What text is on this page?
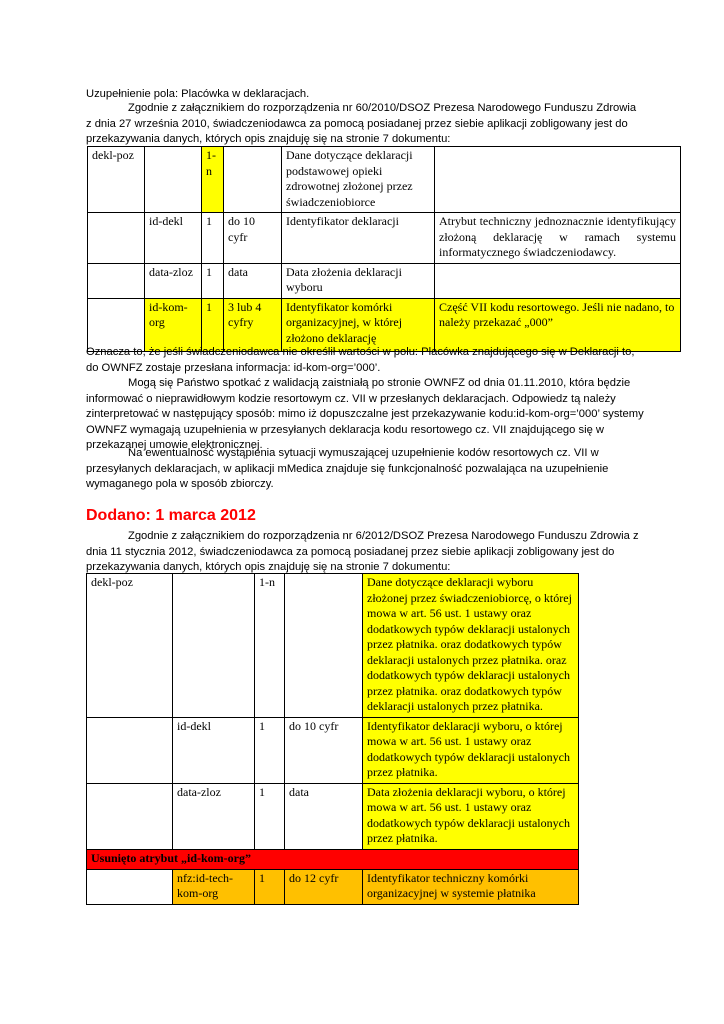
Uzupełnienie pola: Placówka w deklaracjach.

Zgodnie z załącznikiem do rozporządzenia nr 60/2010/DSOZ Prezesa Narodowego Funduszu Zdrowia z dnia 27 września 2010, świadczeniodawca za pomocą posiadanej przez siebie aplikacji zobligowany jest do przekazywania danych, których opis znajduję się na stronie 7 dokumentu:

dekl-poz		1-n		Dane dotyczące deklaracji podstawowej opieki zdrowotnej złożonej przez świadczeniobiorce	
	id-dekl	1	do 10 cyfr	Identyfikator deklaracji	Atrybut techniczny jednoznacznie identyfikujący złożoną deklarację w ramach systemu informatycznego świadczeniodawcy.
	data-zloz	1	data	Data złożenia deklaracji wyboru	
	id-kom-org	1	3 lub 4 cyfry	Identyfikator komórki organizacyjnej, w której złożono deklarację	Część VII kodu resortowego. Jeśli nie nadano, to należy przekazać „000”

Oznacza to, że jeśli świadczeniodawca nie określił wartości w polu: Placówka znajdującego się w Deklaracji to, do OWNFZ zostaje przesłana informacja: id-kom-org=’000’.

Mogą się Państwo spotkać z walidacją zaistniałą po stronie OWNFZ od dnia 01.11.2010, która będzie informować o nieprawidłowym kodzie resortowym cz. VII w przesłanych deklaracjach. Odpowiedz tą należy zinterpretować w następujący sposób: mimo iż dopuszczalne jest przekazywanie kodu:id-kom-org=’000’ systemy OWNFZ wymagają uzupełnienia w przesyłanych deklaracja kodu resortowego cz. VII znajdującego się w przekazanej umowie elektronicznej.

Na ewentualność wystąpienia sytuacji wymuszającej uzupełnienie kodów resortowych cz. VII w przesyłanych deklaracjach, w aplikacji mMedica znajduje się funkcjonalność pozwalająca na uzupełnienie wymaganego pola w sposób zbiorczy.

Dodano: 1 marca 2012

Zgodnie z załącznikiem do rozporządzenia nr 6/2012/DSOZ Prezesa Narodowego Funduszu Zdrowia z dnia 11 stycznia 2012, świadczeniodawca za pomocą posiadanej przez siebie aplikacji zobligowany jest do przekazywania danych, których opis znajduję się na stronie 7 dokumentu:

dekl-poz		1-n		Dane dotyczące deklaracji wyboru złożonej przez świadczeniobiorcę, o której mowa w art. 56 ust. 1 ustawy oraz dodatkowych typów deklaracji ustalonych przez płatnika. oraz dodatkowych typów deklaracji ustalonych przez płatnika. oraz dodatkowych typów deklaracji ustalonych przez płatnika. oraz dodatkowych typów deklaracji ustalonych przez płatnika.
	id-dekl	1	do 10 cyfr	Identyfikator deklaracji wyboru, o której mowa w art. 56 ust. 1 ustawy oraz dodatkowych typów deklaracji ustalonych przez płatnika.
	data-zloz	1	data	Data złożenia deklaracji wyboru, o której mowa w art. 56 ust. 1 ustawy oraz dodatkowych typów deklaracji ustalonych przez płatnika.
Usunięto atrybut „id-kom-org”				
	nfz:id-tech-kom-org	1	do 12 cyfr	Identyfikator techniczny komórki organizacyjnej w systemie płatnika
